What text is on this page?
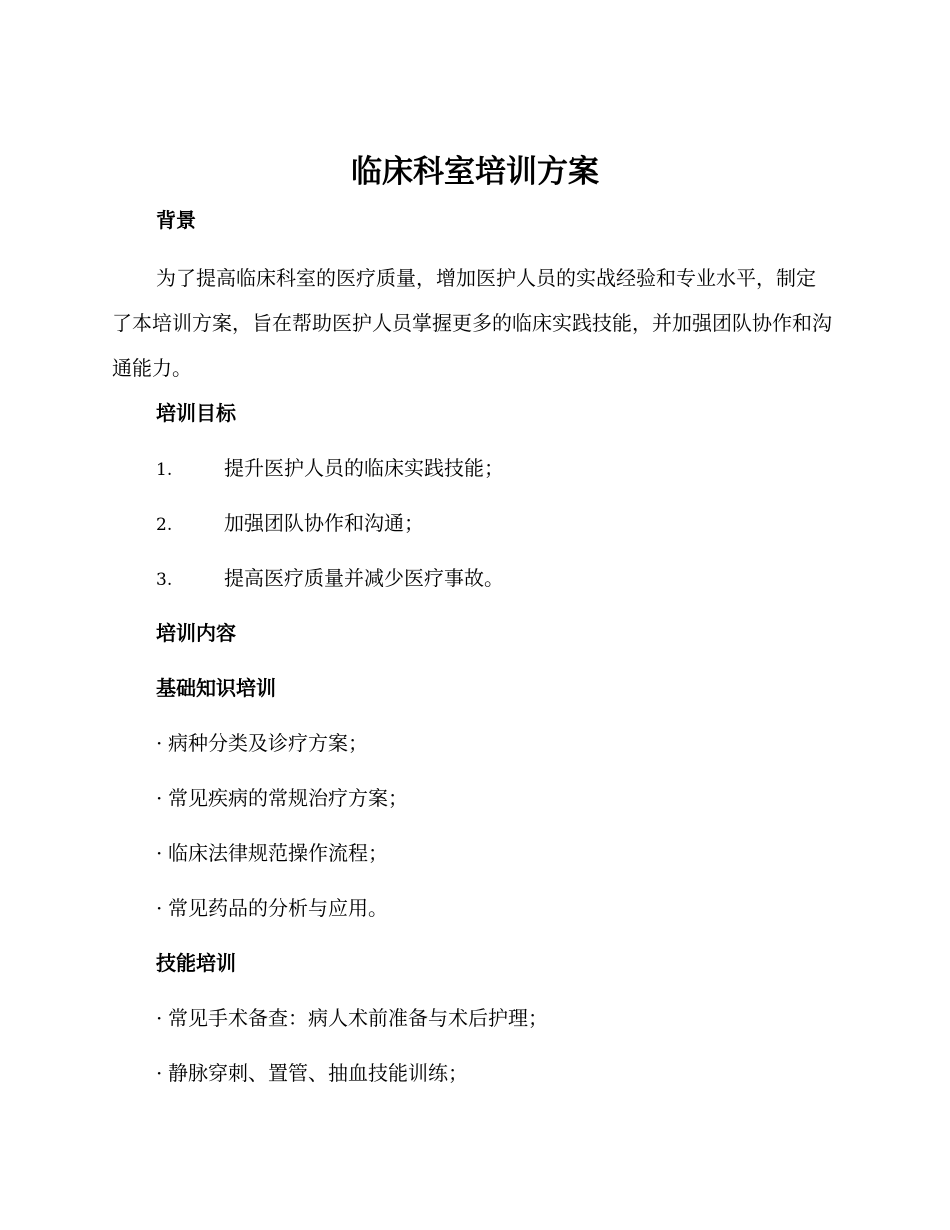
临床科室培训方案
背景
为了提高临床科室的医疗质量，增加医护人员的实战经验和专业水平，制定了本培训方案，旨在帮助医护人员掌握更多的临床实践技能，并加强团队协作和沟通能力。
培训目标
1.	提升医护人员的临床实践技能；
2.	加强团队协作和沟通；
3.	提高医疗质量并减少医疗事故。
培训内容
基础知识培训
· 病种分类及诊疗方案；
· 常见疾病的常规治疗方案；
· 临床法律规范操作流程；
· 常见药品的分析与应用。
技能培训
· 常见手术备查：病人术前准备与术后护理；
· 静脉穿刺、置管、抽血技能训练；
